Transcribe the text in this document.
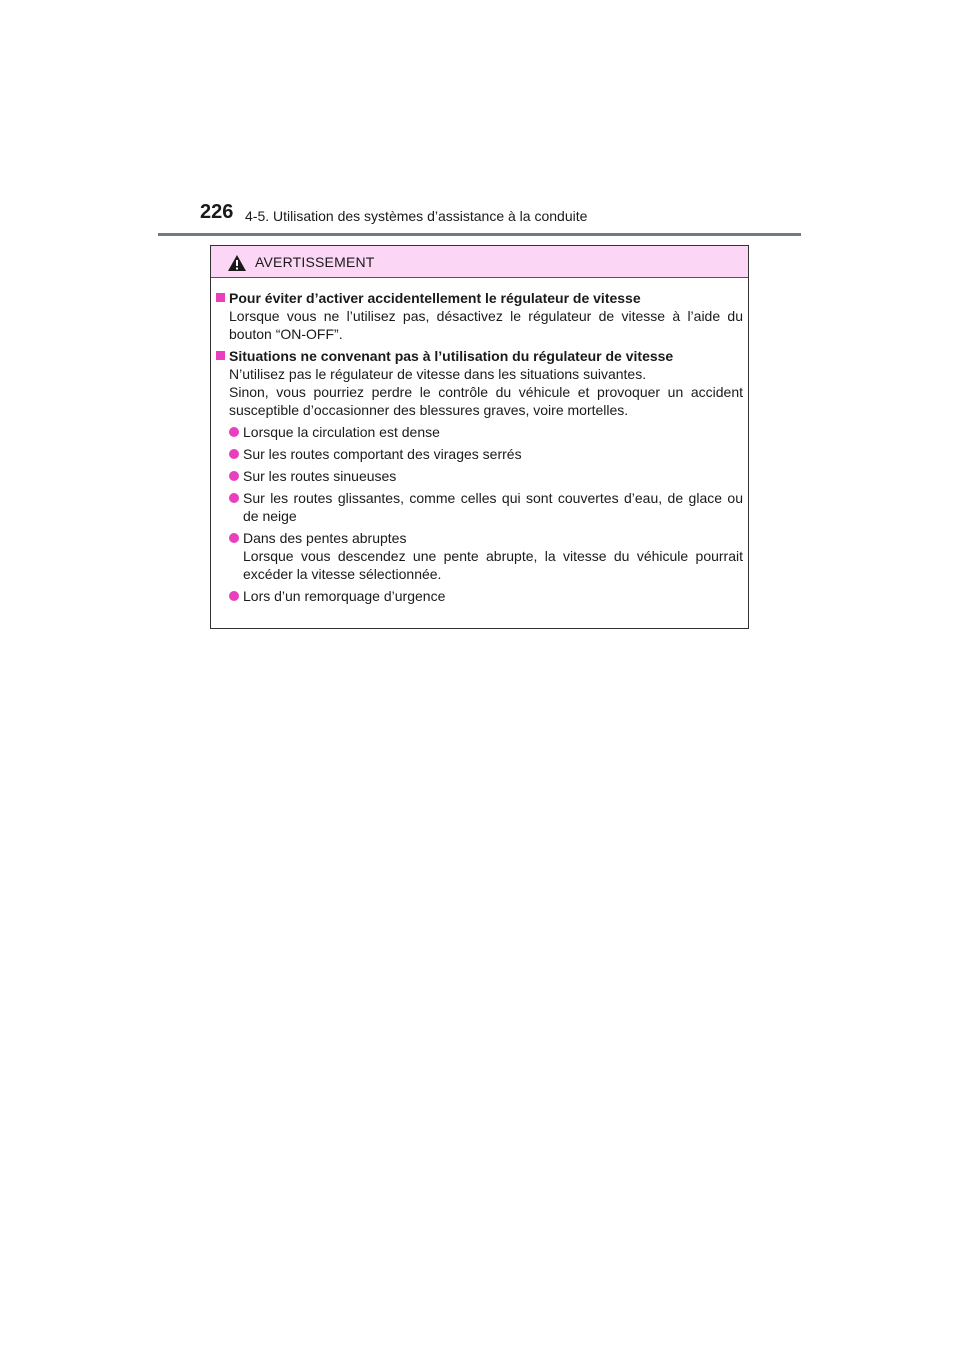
226 4-5. Utilisation des systèmes d’assistance à la conduite
AVERTISSEMENT
Pour éviter d’activer accidentellement le régulateur de vitesse
Lorsque vous ne l’utilisez pas, désactivez le régulateur de vitesse à l’aide du bouton “ON-OFF”.
Situations ne convenant pas à l’utilisation du régulateur de vitesse
N’utilisez pas le régulateur de vitesse dans les situations suivantes.
Sinon, vous pourriez perdre le contrôle du véhicule et provoquer un accident susceptible d’occasionner des blessures graves, voire mortelles.
Lorsque la circulation est dense
Sur les routes comportant des virages serrés
Sur les routes sinueuses
Sur les routes glissantes, comme celles qui sont couvertes d’eau, de glace ou de neige
Dans des pentes abruptes
Lorsque vous descendez une pente abrupte, la vitesse du véhicule pourrait excéder la vitesse sélectionnée.
Lors d’un remorquage d’urgence
